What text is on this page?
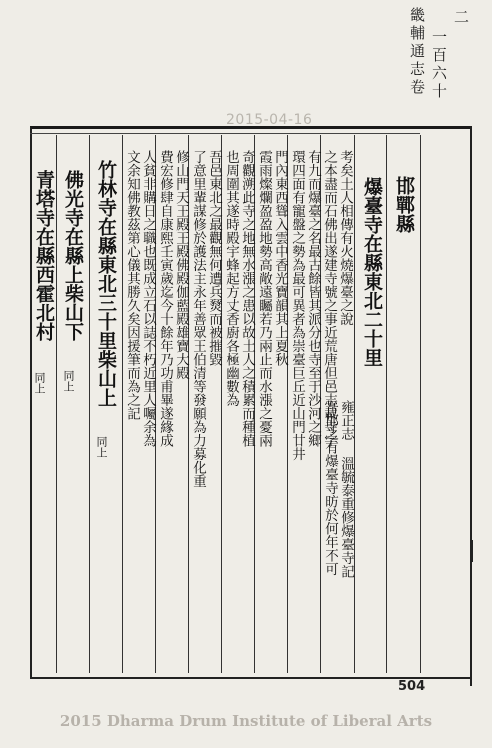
畿
輔
通
志
卷
一
百
六
十
二
2015-04-16
邯鄲縣
爆臺寺在縣東北二十里
雍正志 溫毓泰重修爆臺寺記
吾邯之有爆臺寺昉於何年不可
考矣土人相傳有火燒爆臺之說
之本盡而石佛出遂建寺號之事近荒唐但邑志載寺字
有九而爆臺之名最古餘皆其派分也寺至于沙河之鄉
環四面有寵盤之勢為最可異者為崇臺巨丘近山門廿井
門內東西聳入雲中香光寶韻其上夏秋
霞雨燦爛盈盈地勢高敞遠矚若乃兩止而水漲之憂兩
奇觀溯此寺之地無水漲之患以故土人之積累而種植
也周圍其遂時殿宇蜂起方丈香廚各極幽數為
吾邑東北之最觀無何遭兵燹而被摧毀
了意里輩謀修於護法主永年善眾王伯清等發願為力募化重
修山門天王殿王殿佛殿伽藍殿雄寶大殿
費宏修肆自康熙壬寅歲迄今十餘年乃功甫畢遂緣成
人貧非購日之職也既成立石以誌不朽近里人囑余為
文余知佛教茲第心儀其勝久矣因援筆而為之記
竹林寺在縣東北三十里柴山上
同上
佛光寺在縣上柴山下
同上
青塔寺在縣西霍北村
同上
504
2015 Dharma Drum Institute of Liberal Arts
